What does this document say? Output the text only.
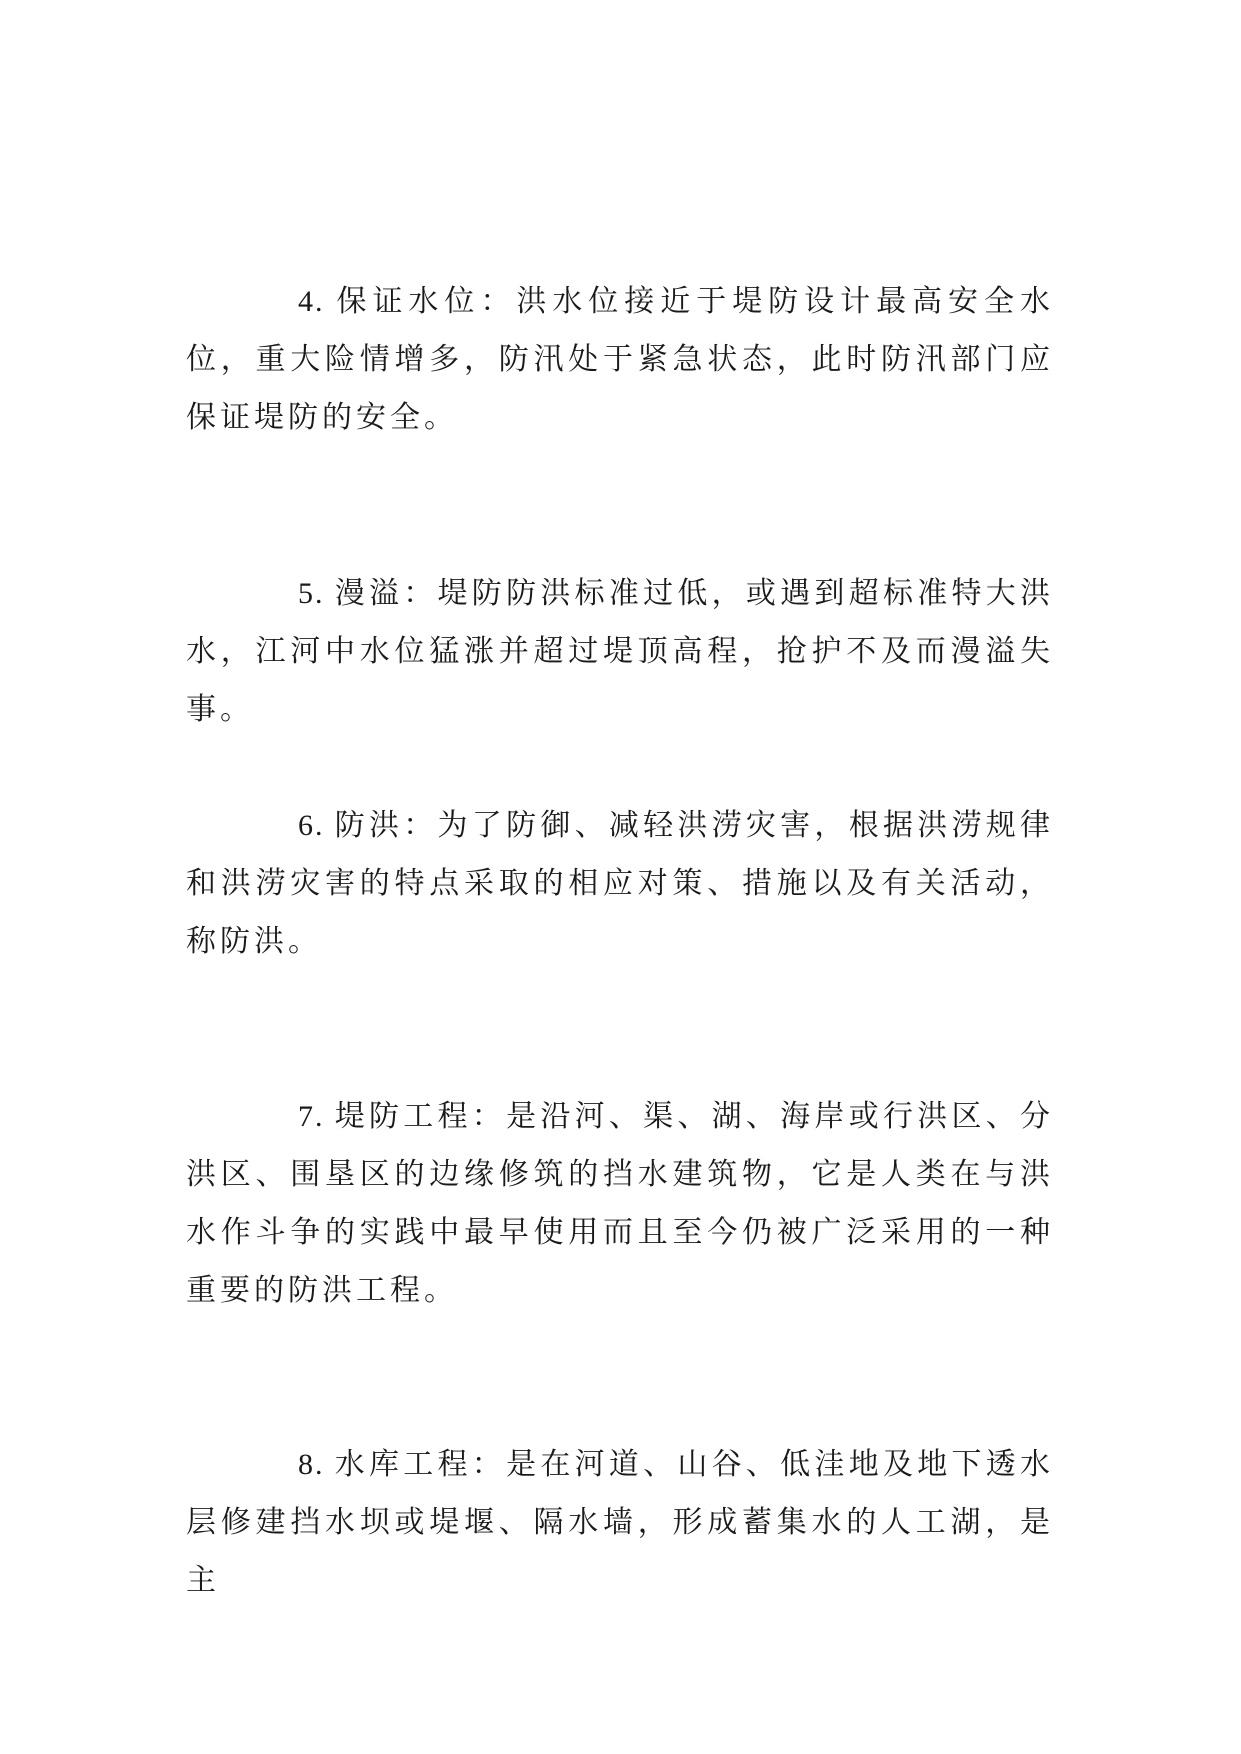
4. 保证水位：洪水位接近于堤防设计最高安全水位，重大险情增多，防汛处于紧急状态，此时防汛部门应保证堤防的安全。

5. 漫溢：堤防防洪标准过低，或遇到超标准特大洪水，江河中水位猛涨并超过堤顶高程，抢护不及而漫溢失事。

6. 防洪：为了防御、减轻洪涝灾害，根据洪涝规律和洪涝灾害的特点采取的相应对策、措施以及有关活动，称防洪。

7. 堤防工程：是沿河、渠、湖、海岸或行洪区、分洪区、围垦区的边缘修筑的挡水建筑物，它是人类在与洪水作斗争的实践中最早使用而且至今仍被广泛采用的一种重要的防洪工程。

8. 水库工程：是在河道、山谷、低洼地及地下透水层修建挡水坝或堤堰、隔水墙，形成蓄集水的人工湖，是主
